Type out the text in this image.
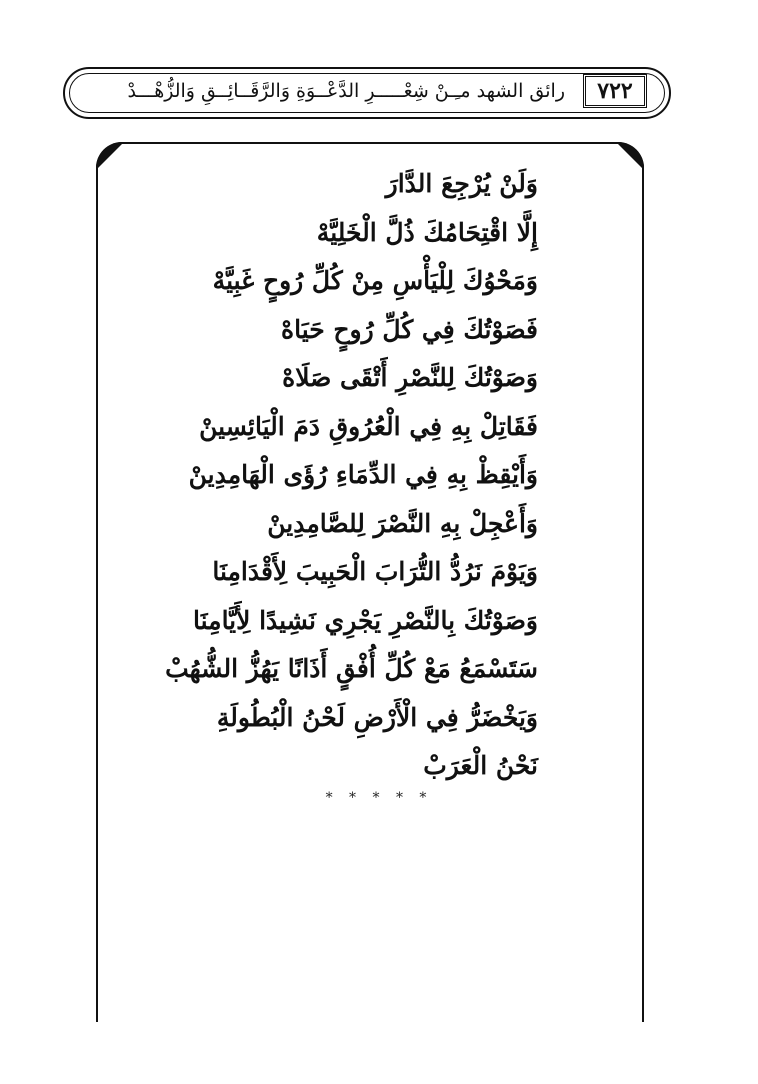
٧٢٢
رائق الشهد مـِـنْ شِعْـــــرِ الدَّعْــوَةِ وَالرَّقَــائِــقِ وَالزُّهْـــدْ
وَلَنْ يُرْجِعَ الدَّارَ
إِلَّا اقْتِحَامُكَ ذُلَّ الْخَلِيَّهْ
وَمَحْوُكَ لِلْيَأْسِ مِنْ كُلِّ رُوحٍ غَبِيَّهْ
فَصَوْتُكَ فِي كُلِّ رُوحٍ حَيَاهْ
وَصَوْتُكَ لِلنَّصْرِ أَتْقَى صَلَاهْ
فَقَاتِلْ بِهِ فِي الْعُرُوقِ دَمَ الْيَائِسِينْ
وَأَيْقِظْ بِهِ فِي الدِّمَاءِ رُؤَى الْهَامِدِينْ
وَأَعْجِلْ بِهِ النَّصْرَ لِلصَّامِدِينْ
وَيَوْمَ نَرُدُّ التُّرَابَ الْحَبِيبَ لِأَقْدَامِنَا
وَصَوْتُكَ بِالنَّصْرِ يَجْرِي نَشِيدًا لِأَيَّامِنَا
سَتَسْمَعُ مَعْ كُلِّ أُفْقٍ أَذَانًا يَهُزُّ الشُّهُبْ
وَيَخْضَرُّ فِي الْأَرْضِ لَحْنُ الْبُطُولَةِ
نَحْنُ الْعَرَبْ
* * * * *
